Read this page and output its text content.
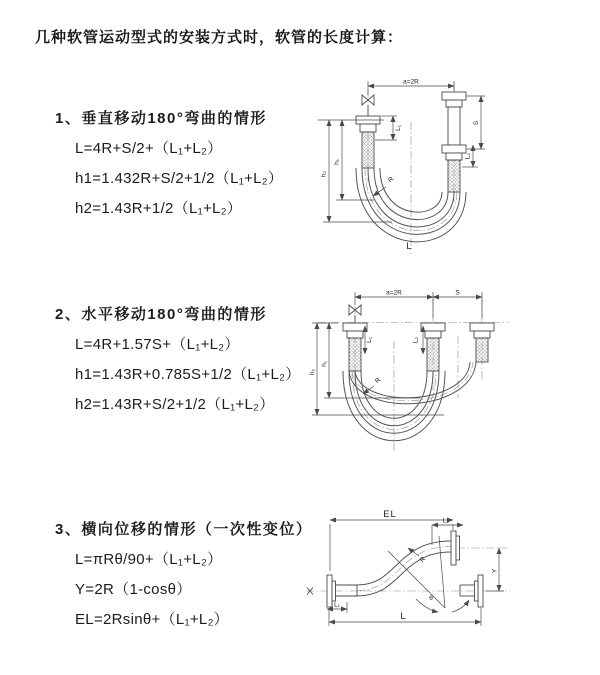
几种软管运动型式的安装方式时，软管的长度计算：
1、垂直移动180°弯曲的情形
L=4R+S/2+（L₁+L₂）
h1=1.432R+S/2+1/2（L₁+L₂）
h2=1.43R+1/2（L₁+L₂）
2、水平移动180°弯曲的情形
L=4R+1.57S+（L₁+L₂）
h1=1.43R+0.785S+1/2（L₁+L₂）
h2=1.43R+S/2+1/2（L₁+L₂）
3、横向位移的情形（一次性变位）
L=πRθ/90+（L₁+L₂）
Y=2R（1-cosθ）
EL=2Rsinθ+（L₁+L₂）
a=2R
h₁
h₂
L₁
S
L₂
R
L
a=2R	S
h₁
h₂
L₁	L₂
R
EL
L₂
Y
L
L₁
R
θ
